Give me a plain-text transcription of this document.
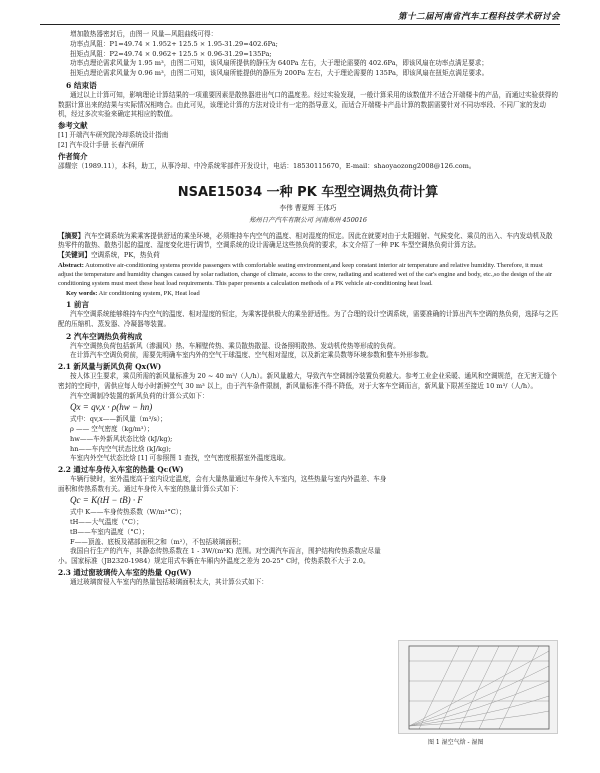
第十二届河南省汽车工程科技学术研讨会

增加散热器密封后，由图一 风量—风阻曲线可得：

功率点风阻：P1=49.74 × 1.952+ 125.5 × 1.95-31.29=402.6Pa;

扭矩点风阻：P2=49.74 × 0.962+ 125.5 × 0.96-31.29=135Pa;

功率点理论需求风量为 1.95 m³，由图二可知，该风扇所提供的静压为 640Pa 左右，大于理论需要的 402.6Pa，即该风扇在功率点满足要求；

扭矩点理论需求风量为 0.96 m³，由图二可知，该风扇所能提供的静压为 200Pa 左右，大于理论需要的 135Pa，即该风扇在扭矩点满足要求。

6 结束语

通过以上计算可知，影响理论计算结果的一项重要因素是散热器进出气口的温度差。经过实验发现，一般计算采用的该数值并不适合开端楼卡的产品，而通过实验获得的数据计算出来的结果与实际情况相吻合。由此可见，该理论计算的方法对设计有一定的指导意义，而适合开端楼卡产品计算的数据需要针对不同功率段、不同厂家的发动机，经过多次实验来确定其相应的数值。

参考文献

[1] 开端汽车研究院冷却系统设计指南

[2] 汽车设计手册 长春汽研所

作者简介

邵耀宗（1989.11），本科，助工，从事冷却、中冷系统零部件开发设计，电话：18530115670，E-mail：shaoyaozong2008@126.com。

NSAE15034 一种 PK 车型空调热负荷计算

李伟 曹夏辉 王体巧

郑州日产汽车有限公司 河南郑州 450016

【摘要】汽车空调系统为乘乘客提供舒适的乘坐环境，必须维持车内空气的温度、相对湿度的恒定。因此在就要对由于太阳辐射、气候变化、乘员的出入、车内发动机及散热零件的散热、散热引起的温度、湿度变化进行调节，空调系统的设计需确足这些热负荷的要求，本文介绍了一种 PK 车型空调热负荷计算方法。

【关键词】空调系统，PK，热负荷

Abstract: Automotive air-conditioning systems provide passengers with comfortable seating environment,and keep constant interior air temperature and relative humidity. Therefore, it must adjust the temperature and humidity changes caused by solar radiation, change of climate, access to the crew, radiating and scattered wet of the car's engine and body, etc.,so the design of the air conditioning system must meet these heat load requirements. This paper presents a calculation methods of a PK vehicle air-conditioning heat load.

Key words: Air conditioning system, PK, Heat load

1 前言

汽车空调系统能够维持车内空气的温度、相对湿度的恒定，为乘客提供极大的乘坐舒适性。为了合理的设计空调系统，需要准确的计算出汽车空调的热负荷，选择与之匹配的压缩机、蒸发器、冷凝器等装置。

2 汽车空调热负荷构成

汽车空调热负荷包括新风（渗漏风）热、车厢壁传热、乘员散热散湿、设备照明散热、发动机传热等形成的负荷。

在计算汽车空调负荷前，需要先明确车室内外的空气干球温度、空气相对湿度，以及新定乘员数等环境参数和整车外形参数。

2.1 新风量与新风负荷 Qx(W)

按人体卫生要求，乘员所需的新风量标准为 20 ~ 40 m³/（人/h）。新风量越大，导致汽车空调制冷装置负荷越大。参考工业企业采暖、通风和空调规范，在无害无缝个密封的空间中，需供应每人每小时新鲜空气 30 m³ 以上，由于汽车条件限制，新风量标准不得不降低，对于大客车空调而言，新风量下限甚至接近 10 m³/（人/h）。

汽车空调制冷装置的新风负荷的计算公式如下：

Qx = qv,x · ρ(hw − hn)

式中：qv,x——新风量（m³/s）；

ρ —— 空气密度（kg/m³）；

hw——车外新风状态比焓 (kJ/kg);

hn——车内空气状态比焓 (kJ/kg);

车室内外空气状态比焓 [1] 可参照图 1 查找，空气密度根据室外温度选取。

2.2 通过车身传入车室的热量 Qc(W)

车辆行驶时，室外温度高于室内设定温度，会有大量热量通过车身传入车室内，这些热量与室内外温差、车身面积和传热系数有关。通过车身传入车室的热量计算公式如下：

Qc = K(tH − tB) · F

式中 K——车身传热系数（W/m²°C）；

tH——大气温度（°C）；

tB——车室内温度（°C）；

F——顶盖、底板及裙部面积之和（m²），不包括玻璃面积；

我国自行生产的汽车，其静态传热系数在 1 - 3W/(m²K) 范围。对空调汽车而言，围护结构传热系数应尽量小。国家标准（JB2320-1984）规定用式车辆在车厢内外温度之差为 20-25° C时，传热系数不大于 2.0。

2.3 通过窗玻璃传入车室的热量 Qg(W)

通过玻璃窗侵入车室内的热量包括玻璃面积太大，其计算公式如下：

图 1 湿空气焓 - 湿图
